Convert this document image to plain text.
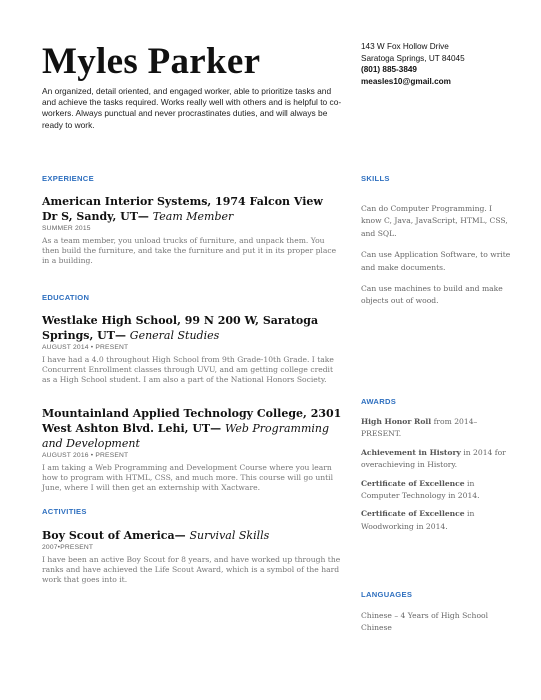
Myles Parker
An organized, detail oriented, and engaged worker, able to prioritize tasks and and achieve the tasks required. Works really well with others and is helpful to co-workers. Always punctual and never procrastinates duties, and will always be ready to work.
143 W Fox Hollow Drive
Saratoga Springs, UT 84045
(801) 885-3849
measles10@gmail.com
EXPERIENCE
American Interior Systems, 1974 Falcon View Dr S, Sandy, UT— Team Member
SUMMER 2015
As a team member, you unload trucks of furniture, and unpack them. You then build the furniture, and take the furniture and put it in its proper place in a building.
EDUCATION
Westlake High School, 99 N 200 W, Saratoga Springs, UT— General Studies
AUGUST 2014 • PRESENT
I have had a 4.0 throughout High School from 9th Grade-10th Grade. I take Concurrent Enrollment classes through UVU, and am getting college credit as a High School student. I am also a part of the National Honors Society.
Mountainland Applied Technology College, 2301 West Ashton Blvd. Lehi, UT— Web Programming and Development
AUGUST 2016 • PRESENT
I am taking a Web Programming and Development Course where you learn how to program with HTML, CSS, and much more. This course will go until June, where I will then get an externship with Xactware.
ACTIVITIES
Boy Scout of America— Survival Skills
2007•PRESENT
I have been an active Boy Scout for 8 years, and have worked up through the ranks and have achieved the Life Scout Award, which is a symbol of the hard work that goes into it.
SKILLS

Can do Computer Programming. I know C, Java, JavaScript, HTML, CSS, and SQL.

Can use Application Software, to write and make documents.

Can use machines to build and make objects out of wood.

AWARDS

High Honor Roll from 2014–PRESENT.

Achievement in History in 2014 for overachieving in History.

Certificate of Excellence in Computer Technology in 2014.

Certificate of Excellence in Woodworking in 2014.

LANGUAGES

Chinese – 4 Years of High School Chinese
